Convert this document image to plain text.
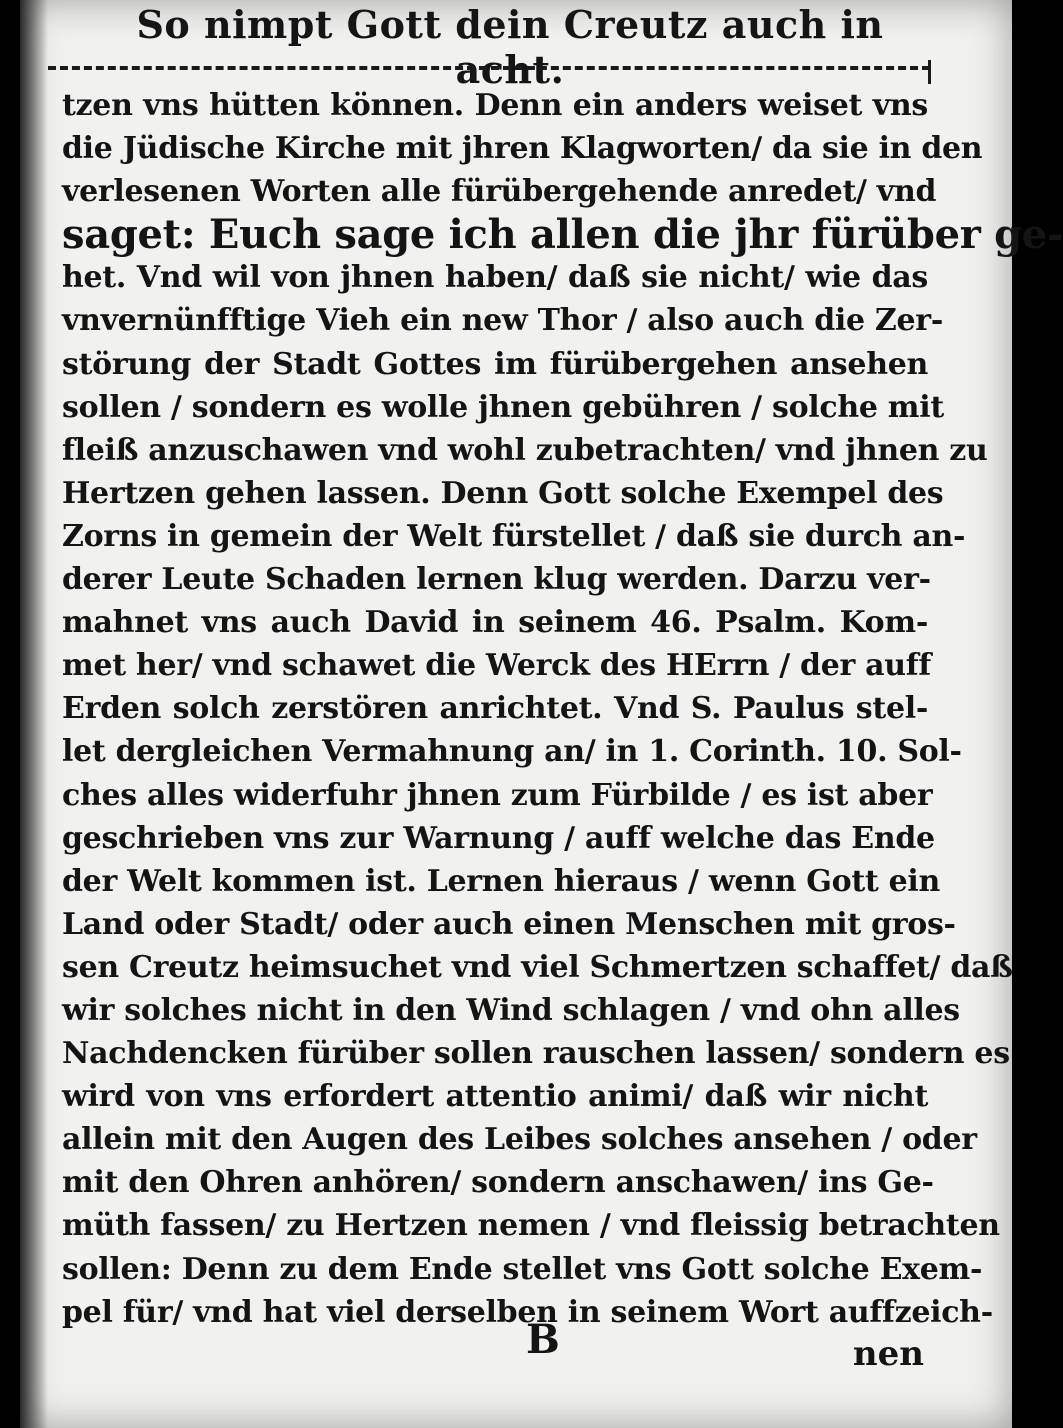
So nimpt Gott dein Creutz auch in acht.
tzen vns hütten können. Denn ein anders weiset vns
die Jüdische Kirche mit jhren Klagworten/ da sie in den
verlesenen Worten alle fürübergehende anredet/ vnd
saget: Euch sage ich allen die jhr fürüber ge-
het. Vnd wil von jhnen haben/ daß sie nicht/ wie das
vnvernünfftige Vieh ein new Thor / also auch die Zer-
störung der Stadt Gottes im fürübergehen ansehen
sollen / sondern es wolle jhnen gebühren / solche mit
fleiß anzuschawen vnd wohl zubetrachten/ vnd jhnen zu
Hertzen gehen lassen. Denn Gott solche Exempel des
Zorns in gemein der Welt fürstellet / daß sie durch an-
derer Leute Schaden lernen klug werden. Darzu ver-
mahnet vns auch David in seinem 46. Psalm. Kom-
met her/ vnd schawet die Werck des HErrn / der auff
Erden solch zerstören anrichtet. Vnd S. Paulus stel-
let dergleichen Vermahnung an/ in 1. Corinth. 10. Sol-
ches alles widerfuhr jhnen zum Fürbilde / es ist aber
geschrieben vns zur Warnung / auff welche das Ende
der Welt kommen ist. Lernen hieraus / wenn Gott ein
Land oder Stadt/ oder auch einen Menschen mit gros-
sen Creutz heimsuchet vnd viel Schmertzen schaffet/ daß
wir solches nicht in den Wind schlagen / vnd ohn alles
Nachdencken fürüber sollen rauschen lassen/ sondern es
wird von vns erfordert attentio animi/ daß wir nicht
allein mit den Augen des Leibes solches ansehen / oder
mit den Ohren anhören/ sondern anschawen/ ins Ge-
müth fassen/ zu Hertzen nemen / vnd fleissig betrachten
sollen: Denn zu dem Ende stellet vns Gott solche Exem-
pel für/ vnd hat viel derselben in seinem Wort auffzeich-
B	nen
